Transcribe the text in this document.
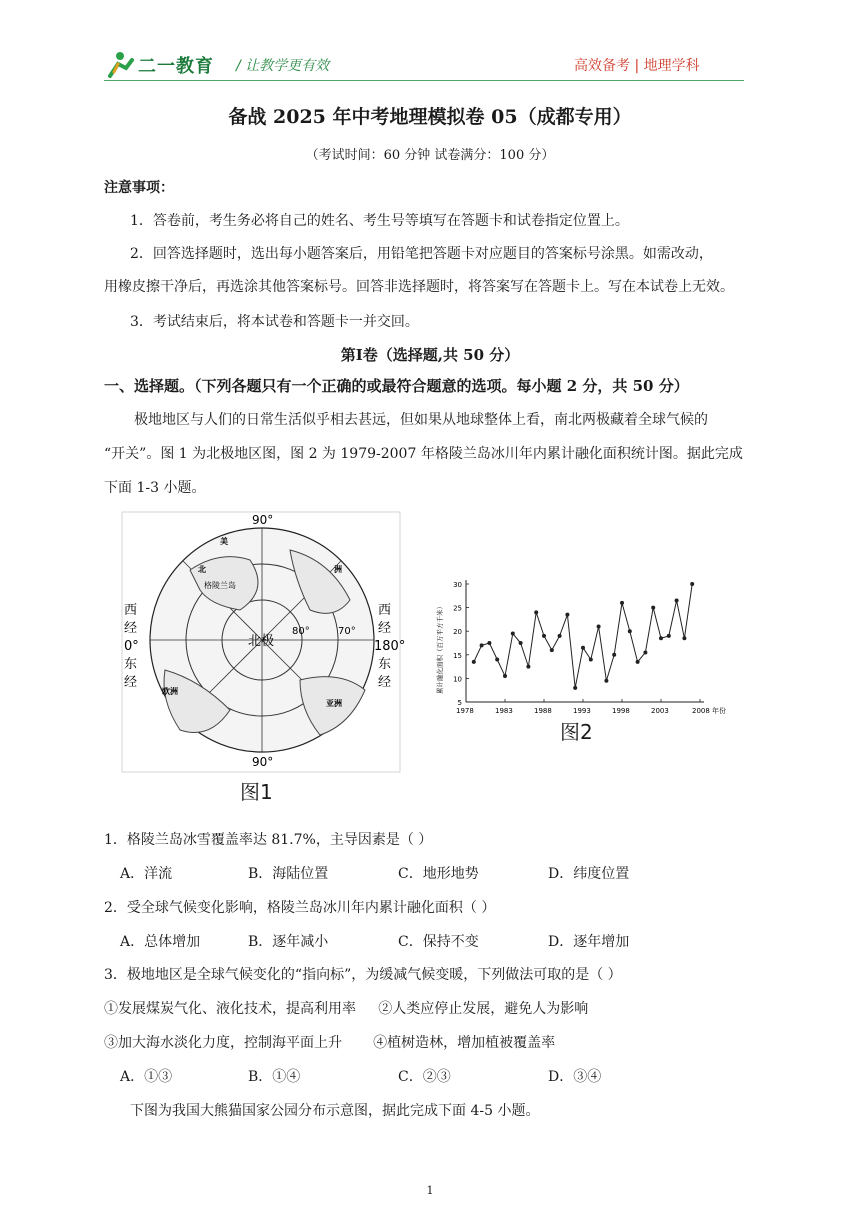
二一教育 / 让教学更有效	高效备考 | 地理学科
备战 2025 年中考地理模拟卷 05（成都专用）
（考试时间：60 分钟 试卷满分：100 分）
注意事项：
1．答卷前，考生务必将自己的姓名、考生号等填写在答题卡和试卷指定位置上。
2．回答选择题时，选出每小题答案后，用铅笔把答题卡对应题目的答案标号涂黑。如需改动，
用橡皮擦干净后，再选涂其他答案标号。回答非选择题时，将答案写在答题卡上。写在本试卷上无效。
3．考试结束后，将本试卷和答题卡一并交回。
第Ⅰ卷（选择题,共 50 分）
一、选择题。（下列各题只有一个正确的或最符合题意的选项。每小题 2 分，共 50 分）
极地地区与人们的日常生活似乎相去甚远，但如果从地球整体上看，南北两极藏着全球气候的
“开关”。图 1 为北极地区图，图 2 为 1979-2007 年格陵兰岛冰川年内累计融化面积统计图。据此完成
下面 1-3 小题。
90°
90°
北极
80°	70°
格陵兰岛
美
洲
北
欧洲
亚洲
西
经
0°
东
经
西
经
180°
东
经
图1
5
10
15
20
25
30
1978	1983	1988	1993	1998	2003	2008 年份
累计融化面积（百万平方千米）
图2
1．格陵兰岛冰雪覆盖率达 81.7%，主导因素是（ ）
A．洋流	B．海陆位置	C．地形地势	D．纬度位置
2．受全球气候变化影响，格陵兰岛冰川年内累计融化面积（ ）
A．总体增加	B．逐年减小	C．保持不变	D．逐年增加
3．极地地区是全球气候变化的“指向标”，为缓减气候变暖，下列做法可取的是（ ）
①发展煤炭气化、液化技术，提高利用率     ②人类应停止发展，避免人为影响
③加大海水淡化力度，控制海平面上升       ④植树造林，增加植被覆盖率
A．①③	B．①④	C．②③	D．③④
下图为我国大熊猫国家公园分布示意图，据此完成下面 4-5 小题。
1
